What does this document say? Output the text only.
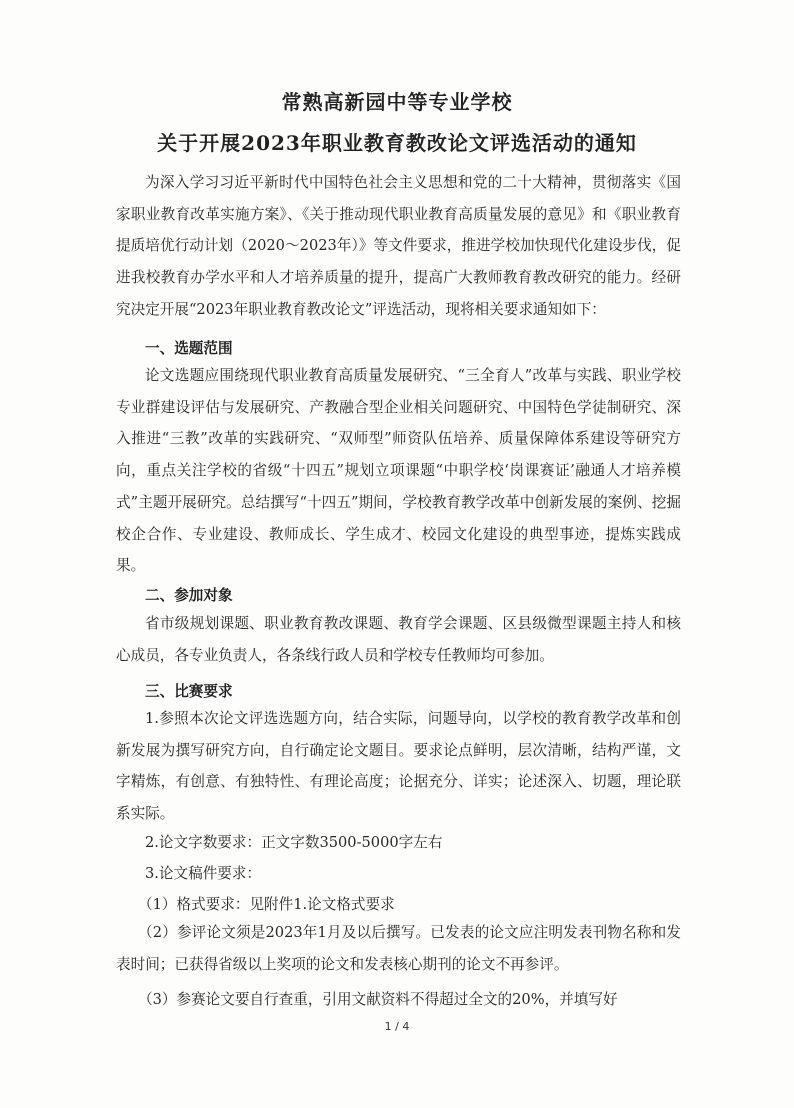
常熟高新园中等专业学校
关于开展2023年职业教育教改论文评选活动的通知

为深入学习习近平新时代中国特色社会主义思想和党的二十大精神，贯彻落实《国家职业教育改革实施方案》、《关于推动现代职业教育高质量发展的意见》和《职业教育提质培优行动计划（2020～2023年）》等文件要求，推进学校加快现代化建设步伐，促进我校教育办学水平和人才培养质量的提升，提高广大教师教育教改研究的能力。经研究决定开展“2023年职业教育教改论文”评选活动，现将相关要求通知如下：

一、选题范围

论文选题应围绕现代职业教育高质量发展研究、“三全育人”改革与实践、职业学校专业群建设评估与发展研究、产教融合型企业相关问题研究、中国特色学徒制研究、深入推进“三教”改革的实践研究、“双师型”师资队伍培养、质量保障体系建设等研究方向，重点关注学校的省级“十四五”规划立项课题“中职学校‘岗课赛证’融通人才培养模式”主题开展研究。总结撰写“十四五”期间，学校教育教学改革中创新发展的案例、挖掘校企合作、专业建设、教师成长、学生成才、校园文化建设的典型事迹，提炼实践成果。

二、参加对象

省市级规划课题、职业教育教改课题、教育学会课题、区县级微型课题主持人和核心成员，各专业负责人，各条线行政人员和学校专任教师均可参加。

三、比赛要求

1.参照本次论文评选选题方向，结合实际，问题导向，以学校的教育教学改革和创新发展为撰写研究方向，自行确定论文题目。要求论点鲜明，层次清晰，结构严谨，文字精炼，有创意、有独特性、有理论高度；论据充分、详实；论述深入、切题，理论联系实际。

2.论文字数要求：正文字数3500-5000字左右

3.论文稿件要求：

（1）格式要求：见附件1.论文格式要求

（2）参评论文须是2023年1月及以后撰写。已发表的论文应注明发表刊物名称和发表时间；已获得省级以上奖项的论文和发表核心期刊的论文不再参评。

（3）参赛论文要自行查重，引用文献资料不得超过全文的20%，并填写好

1 / 4
